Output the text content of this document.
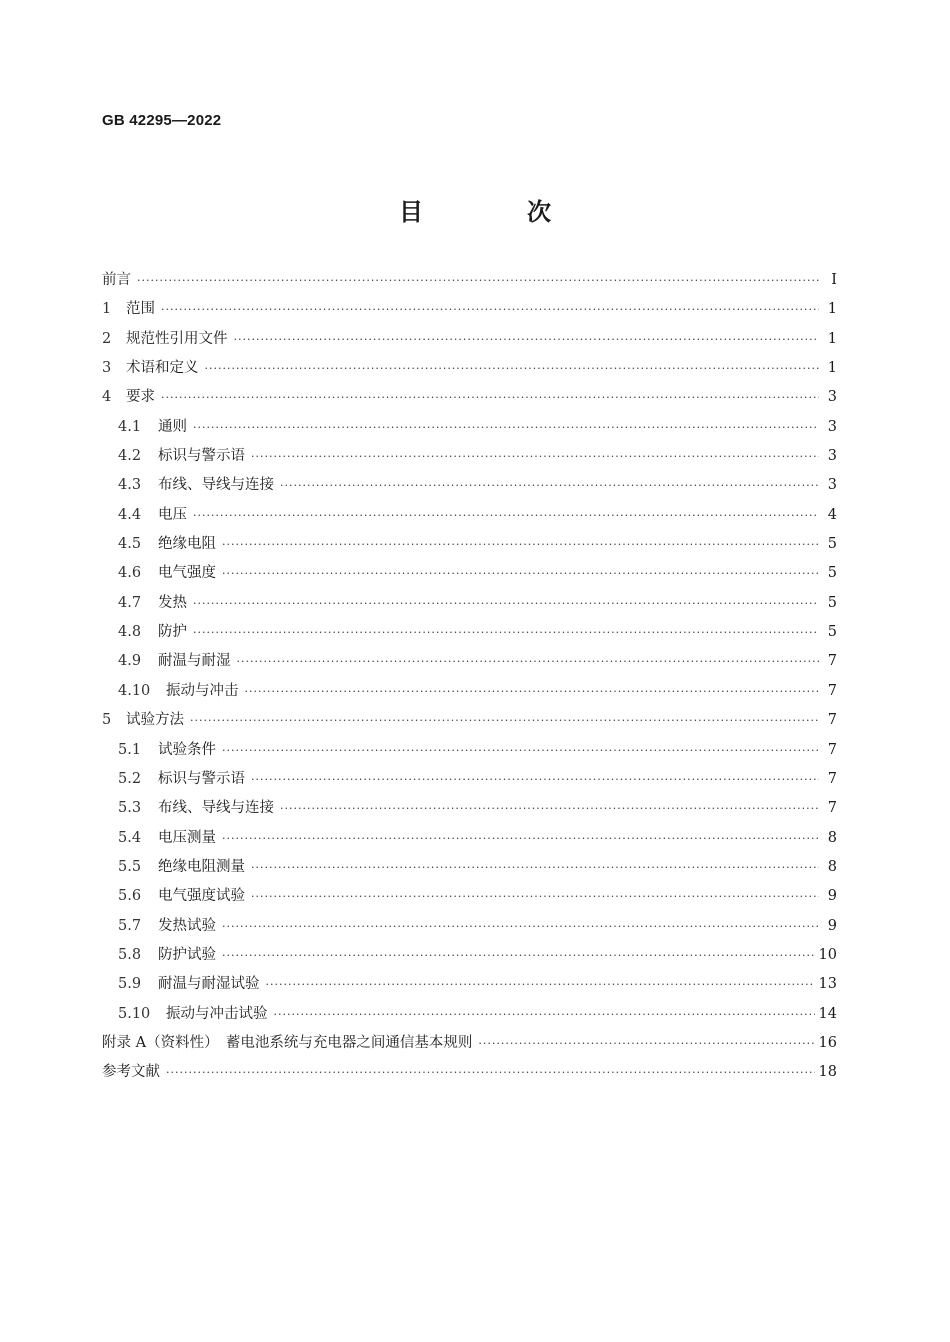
GB 42295—2022
目　次
前言 ·····	Ⅰ
1	范围 ·····	1
2	规范性引用文件 ·····	1
3	术语和定义 ·····	1
4	要求 ·····	3
4.1	通则 ·····	3
4.2	标识与警示语 ·····	3
4.3	布线、导线与连接 ·····	3
4.4	电压 ·····	4
4.5	绝缘电阻 ·····	5
4.6	电气强度 ·····	5
4.7	发热 ·····	5
4.8	防护 ·····	5
4.9	耐温与耐湿 ·····	7
4.10	振动与冲击 ·····	7
5	试验方法 ·····	7
5.1	试验条件 ·····	7
5.2	标识与警示语 ·····	7
5.3	布线、导线与连接 ·····	7
5.4	电压测量 ·····	8
5.5	绝缘电阻测量 ·····	8
5.6	电气强度试验 ·····	9
5.7	发热试验 ·····	9
5.8	防护试验 ·····	10
5.9	耐温与耐湿试验 ·····	13
5.10	振动与冲击试验 ·····	14
附录 A（资料性）　蓄电池系统与充电器之间通信基本规则 ·····	16
参考文献 ·····	18
